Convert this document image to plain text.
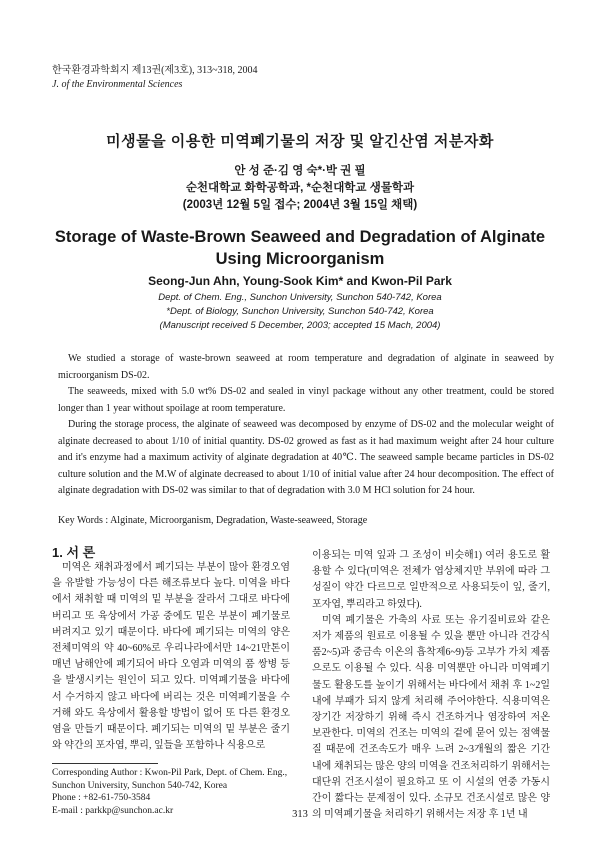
한국환경과학회지 제13권(제3호), 313~318, 2004
J. of the Environmental Sciences
미생물을 이용한 미역폐기물의 저장 및 알긴산염 저분자화
안 성 준·김 영 숙*·박 권 필
순천대학교 화학공학과, *순천대학교 생물학과
(2003년 12월 5일 접수; 2004년 3월 15일 채택)
Storage of Waste-Brown Seaweed and Degradation of Alginate Using Microorganism
Seong-Jun Ahn, Young-Sook Kim* and Kwon-Pil Park
Dept. of Chem. Eng., Sunchon University, Sunchon 540-742, Korea
*Dept. of Biology, Sunchon University, Sunchon 540-742, Korea
(Manuscript received 5 December, 2003; accepted 15 Mach, 2004)

We studied a storage of waste-brown seaweed at room temperature and degradation of alginate in seaweed by microorganism DS-02.

The seaweeds, mixed with 5.0 wt% DS-02 and sealed in vinyl package without any other treatment, could be stored longer than 1 year without spoilage at room temperature.

During the storage process, the alginate of seaweed was decomposed by enzyme of DS-02 and the molecular weight of alginate decreased to about 1/10 of initial quantity. DS-02 growed as fast as it had maximum weight after 24 hour culture and it's enzyme had a maximum activity of alginate degradation at 40℃. The seaweed sample became particles in DS-02 culture solution and the M.W of alginate decreased to about 1/10 of initial value after 24 hour decomposition. The effect of alginate degradation with DS-02 was similar to that of degradation with 3.0 M HCl solution for 24 hour.

Key Words : Alginate, Microorganism, Degradation, Waste-seaweed, Storage
1. 서 론

미역은 채취과정에서 폐기되는 부분이 많아 환경오염을 유발할 가능성이 다른 해조류보다 높다. 미역을 바다에서 채취할 때 미역의 밑 부분을 잘라서 그대로 바다에 버리고 또 육상에서 가공 중에도 밑은 부분이 폐기물로 버려지고 있기 때문이다. 바다에 폐기되는 미역의 양은 전체미역의 약 40~60%로 우리나라에서만 14~21만톤이 매년 남해안에 폐기되어 바다 오염과 미역의 품 쌍병 등을 발생시키는 원인이 되고 있다. 미역폐기물을 바다에서 수거하지 않고 바다에 버리는 것은 미역폐기물을 수거해 와도 육상에서 활용할 방법이 없어 또 다른 환경오염을 만들기 때문이다. 폐기되는 미역의 밑 부분은 줄기와 약간의 포자엽, 뿌리, 잎들을 포함하나 식용으로

이용되는 미역 잎과 그 조성이 비슷해1) 여러 용도로 활용할 수 있다(미역은 전체가 엽상체지만 부위에 따라 그 성질이 약간 다르므로 일반적으로 사용되듯이 잎, 줄기, 포자엽, 뿌리라고 하였다).

미역 폐기물은 가축의 사료 또는 유기질비료와 같은 저가 제품의 원료로 이용될 수 있을 뿐만 아니라 건강식품2~5)과 중금속 이온의 흡착제6~9)등 고부가 가치 제품으로도 이용될 수 있다. 식용 미역뿐만 아니라 미역폐기물도 활용도를 높이기 위해서는 바다에서 채취 후 1~2일 내에 부패가 되지 않게 처리해 주어야한다. 식용미역은 장기간 저장하기 위해 즉시 건조하거나 염장하여 저온 보관한다. 미역의 건조는 미역의 겉에 묻어 있는 점액물질 때문에 건조속도가 매우 느려 2~3개월의 짧은 기간 내에 채취되는 많은 양의 미역을 건조처리하기 위해서는 대단위 건조시설이 필요하고 또 이 시설의 연중 가동시간이 짧다는 문제점이 있다. 소규모 건조시설로 많은 양의 미역폐기물을 처리하기 위해서는 저장 후 1년 내

Corresponding Author : Kwon-Pil Park, Dept. of Chem. Eng.,
Sunchon University, Sunchon 540-742, Korea
Phone : +82-61-750-3584
E-mail : parkkp@sunchon.ac.kr	313
